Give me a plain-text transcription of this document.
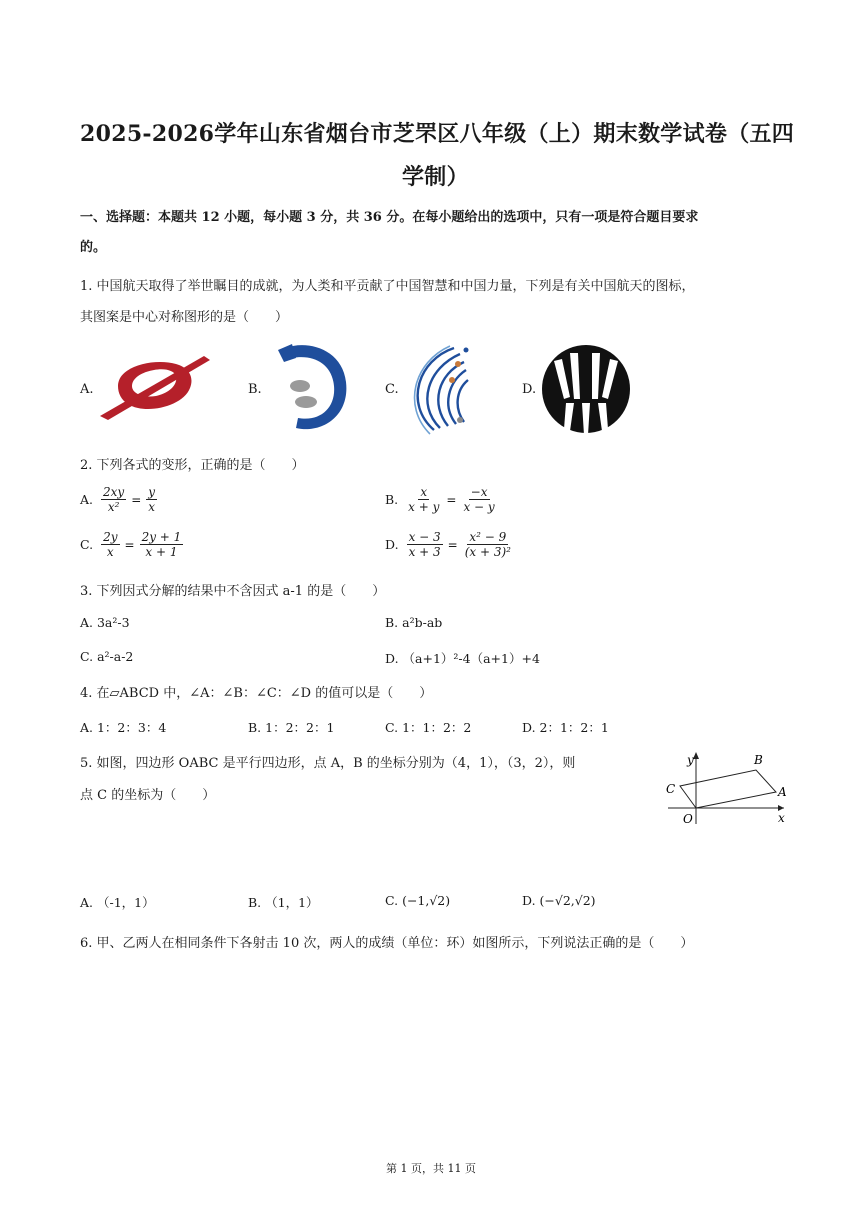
2025-2026学年山东省烟台市芝罘区八年级（上）期末数学试卷（五四
学制）
一、选择题：本题共 12 小题，每小题 3 分，共 36 分。在每小题给出的选项中，只有一项是符合题目要求
的。
1. 中国航天取得了举世瞩目的成就，为人类和平贡献了中国智慧和中国力量，下列是有关中国航天的图标，
其图案是中心对称图形的是（　　）
A.	B.	C.	D.
2. 下列各式的变形，正确的是（　　）
A. $\frac{2xy}{\text{x²}} = \frac{y}{x}$	B. $\frac{x}{x + y} = \frac{-x}{x - y}$
C. $\frac{2y}{x} = \frac{2y + 1}{x + 1}$	D. $\frac{x - 3}{x + 3} = \frac{\text{x² − 9}}{\text{(x + 3)²}}$
3. 下列因式分解的结果中不含因式 a-1 的是（　　）
A. 3a²-3	B. a²b-ab
C. a²-a-2	D. （a+1）²-4（a+1）+4
4. 在▱ABCD 中，∠A：∠B：∠C：∠D 的值可以是（　　）
A. 1：2：3：4	B. 1：2：2：1	C. 1：1：2：2	D. 2：1：2：1
5. 如图，四边形 OABC 是平行四边形，点 A，B 的坐标分别为（4，1），（3，2），则
点 C 的坐标为（　　）
y
x
O
A
B
C
A. （-1，1）	B. （1，1）	C. (−1,√2)	D. (−√2,√2)
6. 甲、乙两人在相同条件下各射击 10 次，两人的成绩（单位：环）如图所示，下列说法正确的是（　　）
第 1 页，共 11 页
